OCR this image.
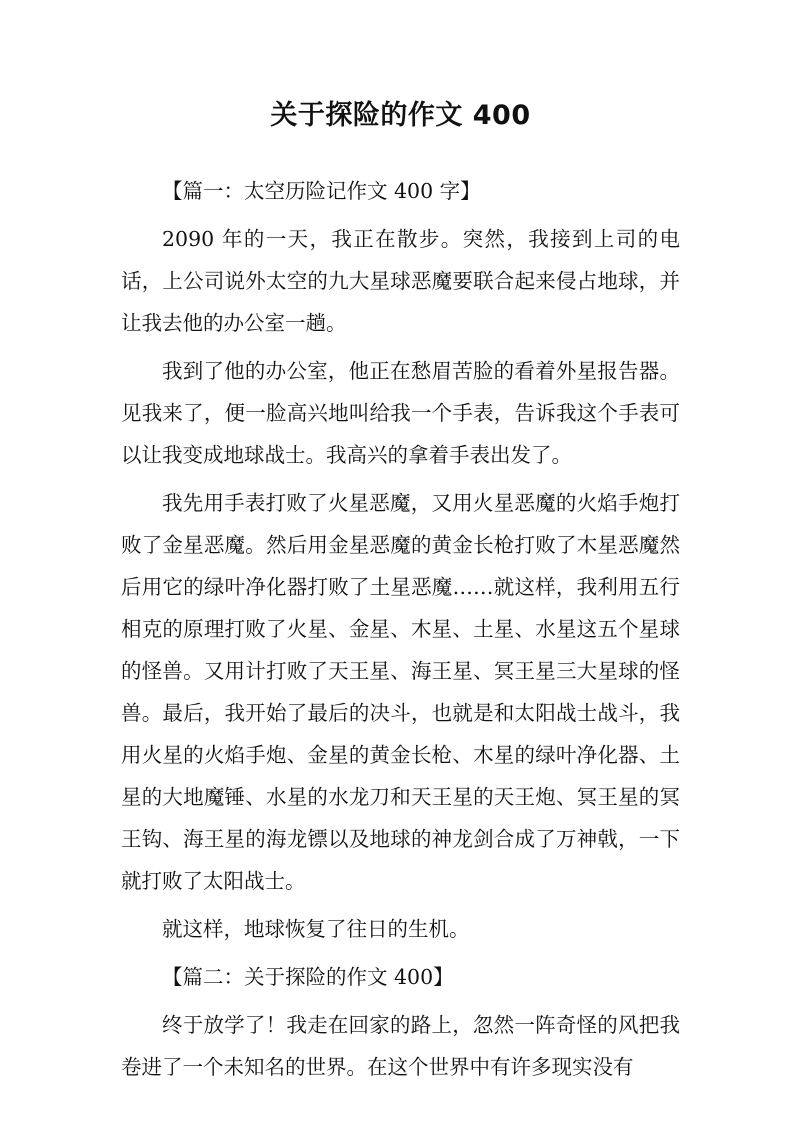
关于探险的作文 400

【篇一：太空历险记作文 400 字】

2090 年的一天，我正在散步。突然，我接到上司的电话，上公司说外太空的九大星球恶魔要联合起来侵占地球，并让我去他的办公室一趟。

我到了他的办公室，他正在愁眉苦脸的看着外星报告器。见我来了，便一脸高兴地叫给我一个手表，告诉我这个手表可以让我变成地球战士。我高兴的拿着手表出发了。

我先用手表打败了火星恶魔，又用火星恶魔的火焰手炮打败了金星恶魔。然后用金星恶魔的黄金长枪打败了木星恶魔然后用它的绿叶净化器打败了土星恶魔……就这样，我利用五行相克的原理打败了火星、金星、木星、土星、水星这五个星球的怪兽。又用计打败了天王星、海王星、冥王星三大星球的怪兽。最后，我开始了最后的决斗，也就是和太阳战士战斗，我用火星的火焰手炮、金星的黄金长枪、木星的绿叶净化器、土星的大地魔锤、水星的水龙刀和天王星的天王炮、冥王星的冥王钩、海王星的海龙镖以及地球的神龙剑合成了万神戟，一下就打败了太阳战士。

就这样，地球恢复了往日的生机。

【篇二：关于探险的作文 400】

终于放学了！我走在回家的路上，忽然一阵奇怪的风把我卷进了一个未知名的世界。在这个世界中有许多现实没有
